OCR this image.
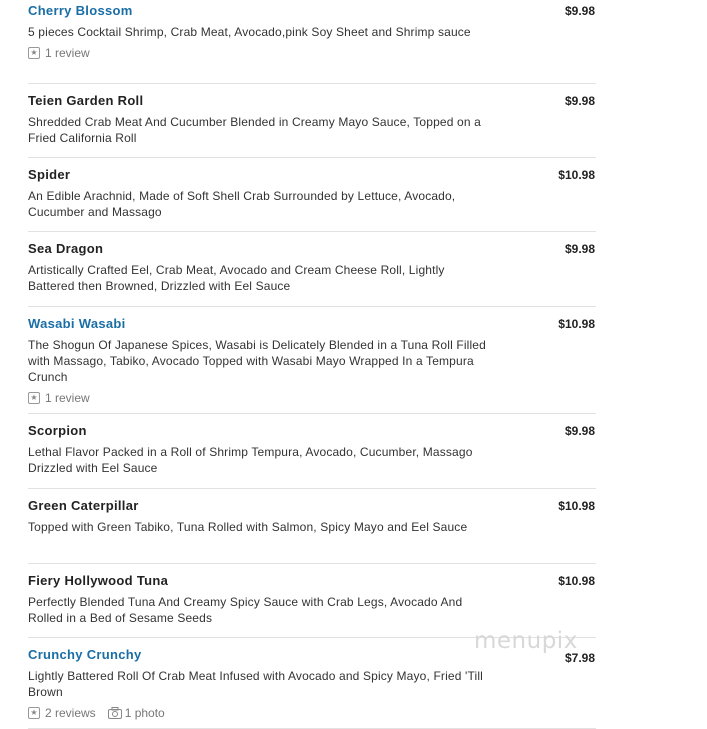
$9.98
Cherry Blossom
5 pieces Cocktail Shrimp, Crab Meat, Avocado,pink Soy Sheet and Shrimp sauce
★ 1 review
$9.98
Teien Garden Roll
Shredded Crab Meat And Cucumber Blended in Creamy Mayo Sauce, Topped on a Fried California Roll
$10.98
Spider
An Edible Arachnid, Made of Soft Shell Crab Surrounded by Lettuce, Avocado, Cucumber and Massago
$9.98
Sea Dragon
Artistically Crafted Eel, Crab Meat, Avocado and Cream Cheese Roll, Lightly Battered then Browned, Drizzled with Eel Sauce
$10.98
Wasabi Wasabi
The Shogun Of Japanese Spices, Wasabi is Delicately Blended in a Tuna Roll Filled with Massago, Tabiko, Avocado Topped with Wasabi Mayo Wrapped In a Tempura Crunch
★ 1 review
$9.98
Scorpion
Lethal Flavor Packed in a Roll of Shrimp Tempura, Avocado, Cucumber, Massago Drizzled with Eel Sauce
$10.98
Green Caterpillar
Topped with Green Tabiko, Tuna Rolled with Salmon, Spicy Mayo and Eel Sauce
$10.98
Fiery Hollywood Tuna
Perfectly Blended Tuna And Creamy Spicy Sauce with Crab Legs, Avocado And Rolled in a Bed of Sesame Seeds
$7.98
Crunchy Crunchy
Lightly Battered Roll Of Crab Meat Infused with Avocado and Spicy Mayo, Fried 'Till Brown
★ 2 reviews 1 photo
menupix
